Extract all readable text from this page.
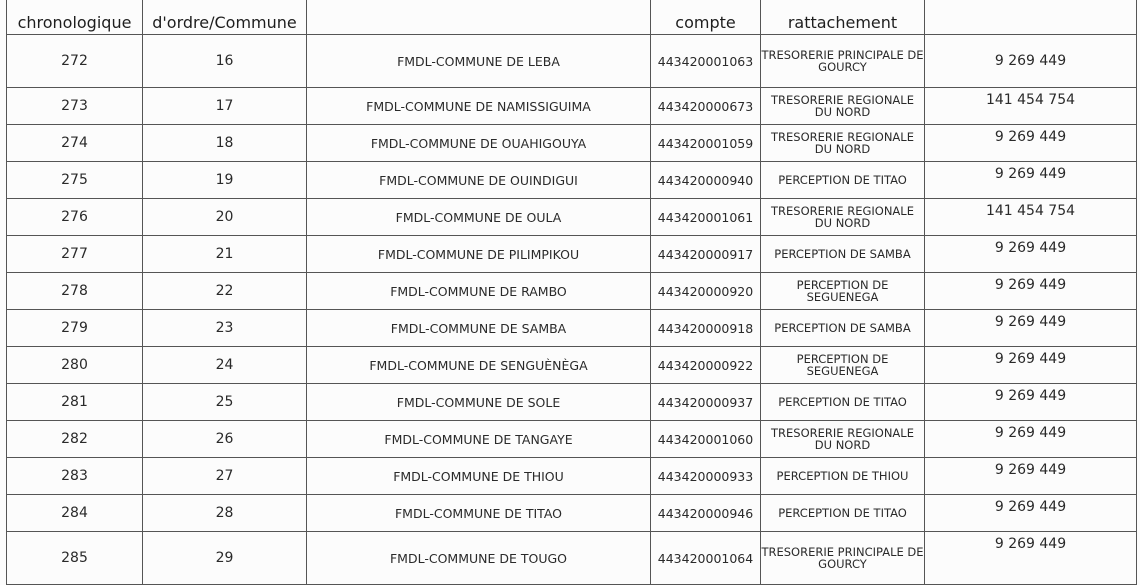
chronologique	d'ordre/Commune		compte	rattachement	
272	16	FMDL-COMMUNE DE LEBA	443420001063	TRESORERIE PRINCIPALE DE GOURCY	9 269 449
273	17	FMDL-COMMUNE DE NAMISSIGUIMA	443420000673	TRESORERIE REGIONALE DU NORD	141 454 754
274	18	FMDL-COMMUNE DE OUAHIGOUYA	443420001059	TRESORERIE REGIONALE DU NORD	9 269 449
275	19	FMDL-COMMUNE DE OUINDIGUI	443420000940	PERCEPTION DE TITAO	9 269 449
276	20	FMDL-COMMUNE DE OULA	443420001061	TRESORERIE REGIONALE DU NORD	141 454 754
277	21	FMDL-COMMUNE DE PILIMPIKOU	443420000917	PERCEPTION DE SAMBA	9 269 449
278	22	FMDL-COMMUNE DE RAMBO	443420000920	PERCEPTION DE SEGUENEGA	9 269 449
279	23	FMDL-COMMUNE DE SAMBA	443420000918	PERCEPTION DE SAMBA	9 269 449
280	24	FMDL-COMMUNE DE SENGUÈNÈGA	443420000922	PERCEPTION DE SEGUENEGA	9 269 449
281	25	FMDL-COMMUNE DE SOLE	443420000937	PERCEPTION DE TITAO	9 269 449
282	26	FMDL-COMMUNE DE TANGAYE	443420001060	TRESORERIE REGIONALE DU NORD	9 269 449
283	27	FMDL-COMMUNE DE THIOU	443420000933	PERCEPTION DE THIOU	9 269 449
284	28	FMDL-COMMUNE DE TITAO	443420000946	PERCEPTION DE TITAO	9 269 449
285	29	FMDL-COMMUNE DE TOUGO	443420001064	TRESORERIE PRINCIPALE DE GOURCY	9 269 449
